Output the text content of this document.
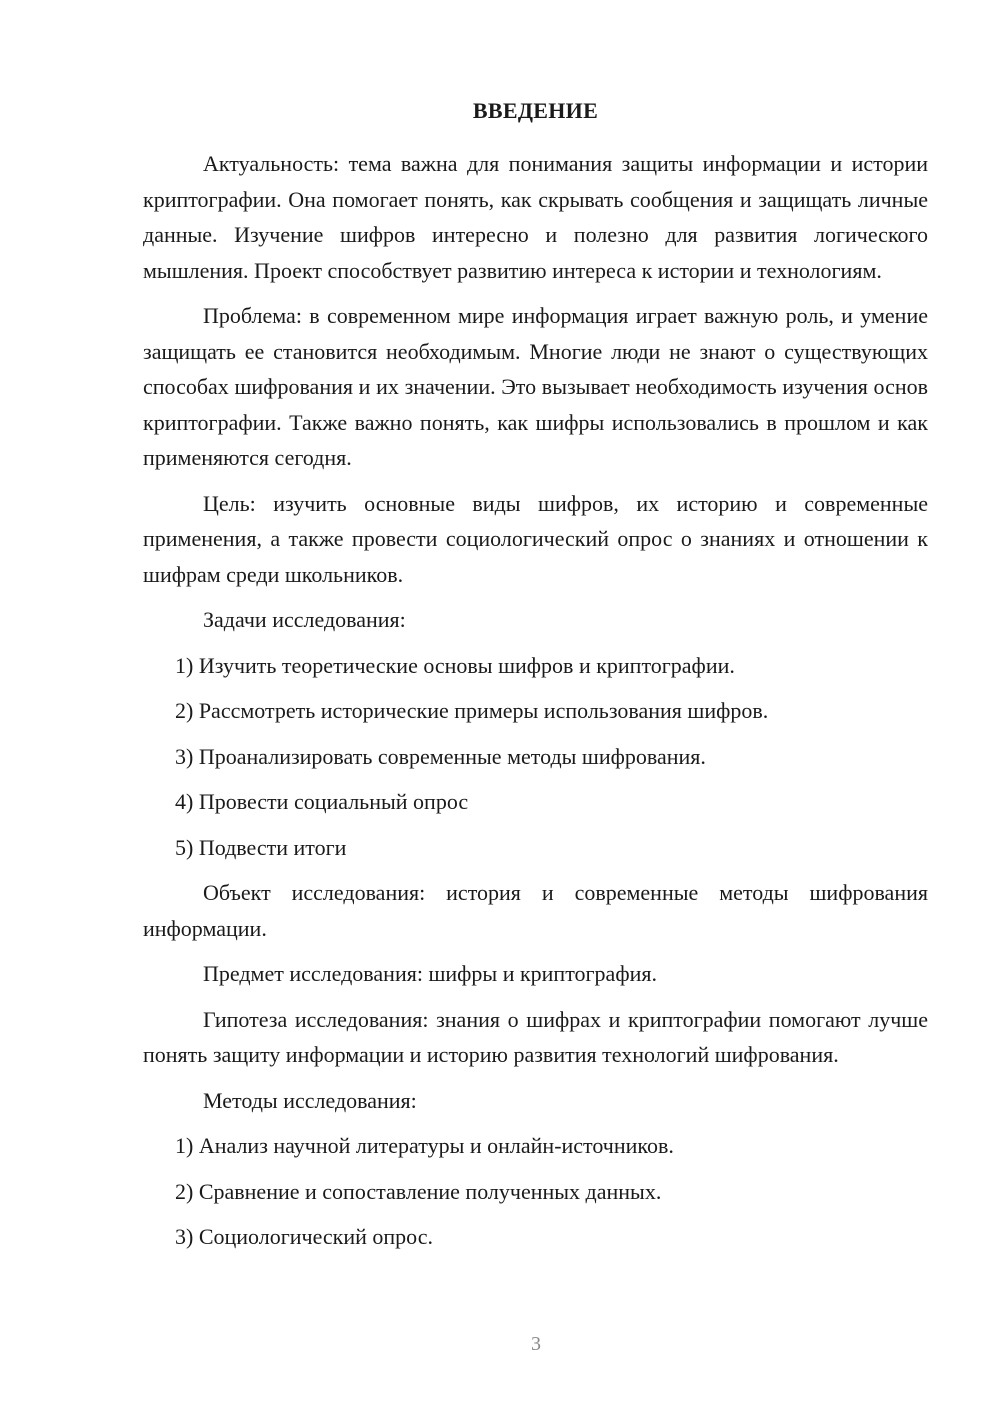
ВВЕДЕНИЕ

Актуальность: тема важна для понимания защиты информации и истории криптографии. Она помогает понять, как скрывать сообщения и защищать личные данные. Изучение шифров интересно и полезно для развития логического мышления. Проект способствует развитию интереса к истории и технологиям.

Проблема: в современном мире информация играет важную роль, и умение защищать ее становится необходимым. Многие люди не знают о существующих способах шифрования и их значении. Это вызывает необходимость изучения основ криптографии. Также важно понять, как шифры использовались в прошлом и как применяются сегодня.

Цель: изучить основные виды шифров, их историю и современные применения, а также провести социологический опрос о знаниях и отношении к шифрам среди школьников.

Задачи исследования:

1) Изучить теоретические основы шифров и криптографии.
2) Рассмотреть исторические примеры использования шифров.
3) Проанализировать современные методы шифрования.
4) Провести социальный опрос
5) Подвести итоги

Объект исследования: история и современные методы шифрования информации.

Предмет исследования: шифры и криптография.

Гипотеза исследования: знания о шифрах и криптографии помогают лучше понять защиту информации и историю развития технологий шифрования.

Методы исследования:

1) Анализ научной литературы и онлайн-источников.
2) Сравнение и сопоставление полученных данных.
3) Социологический опрос.
3
